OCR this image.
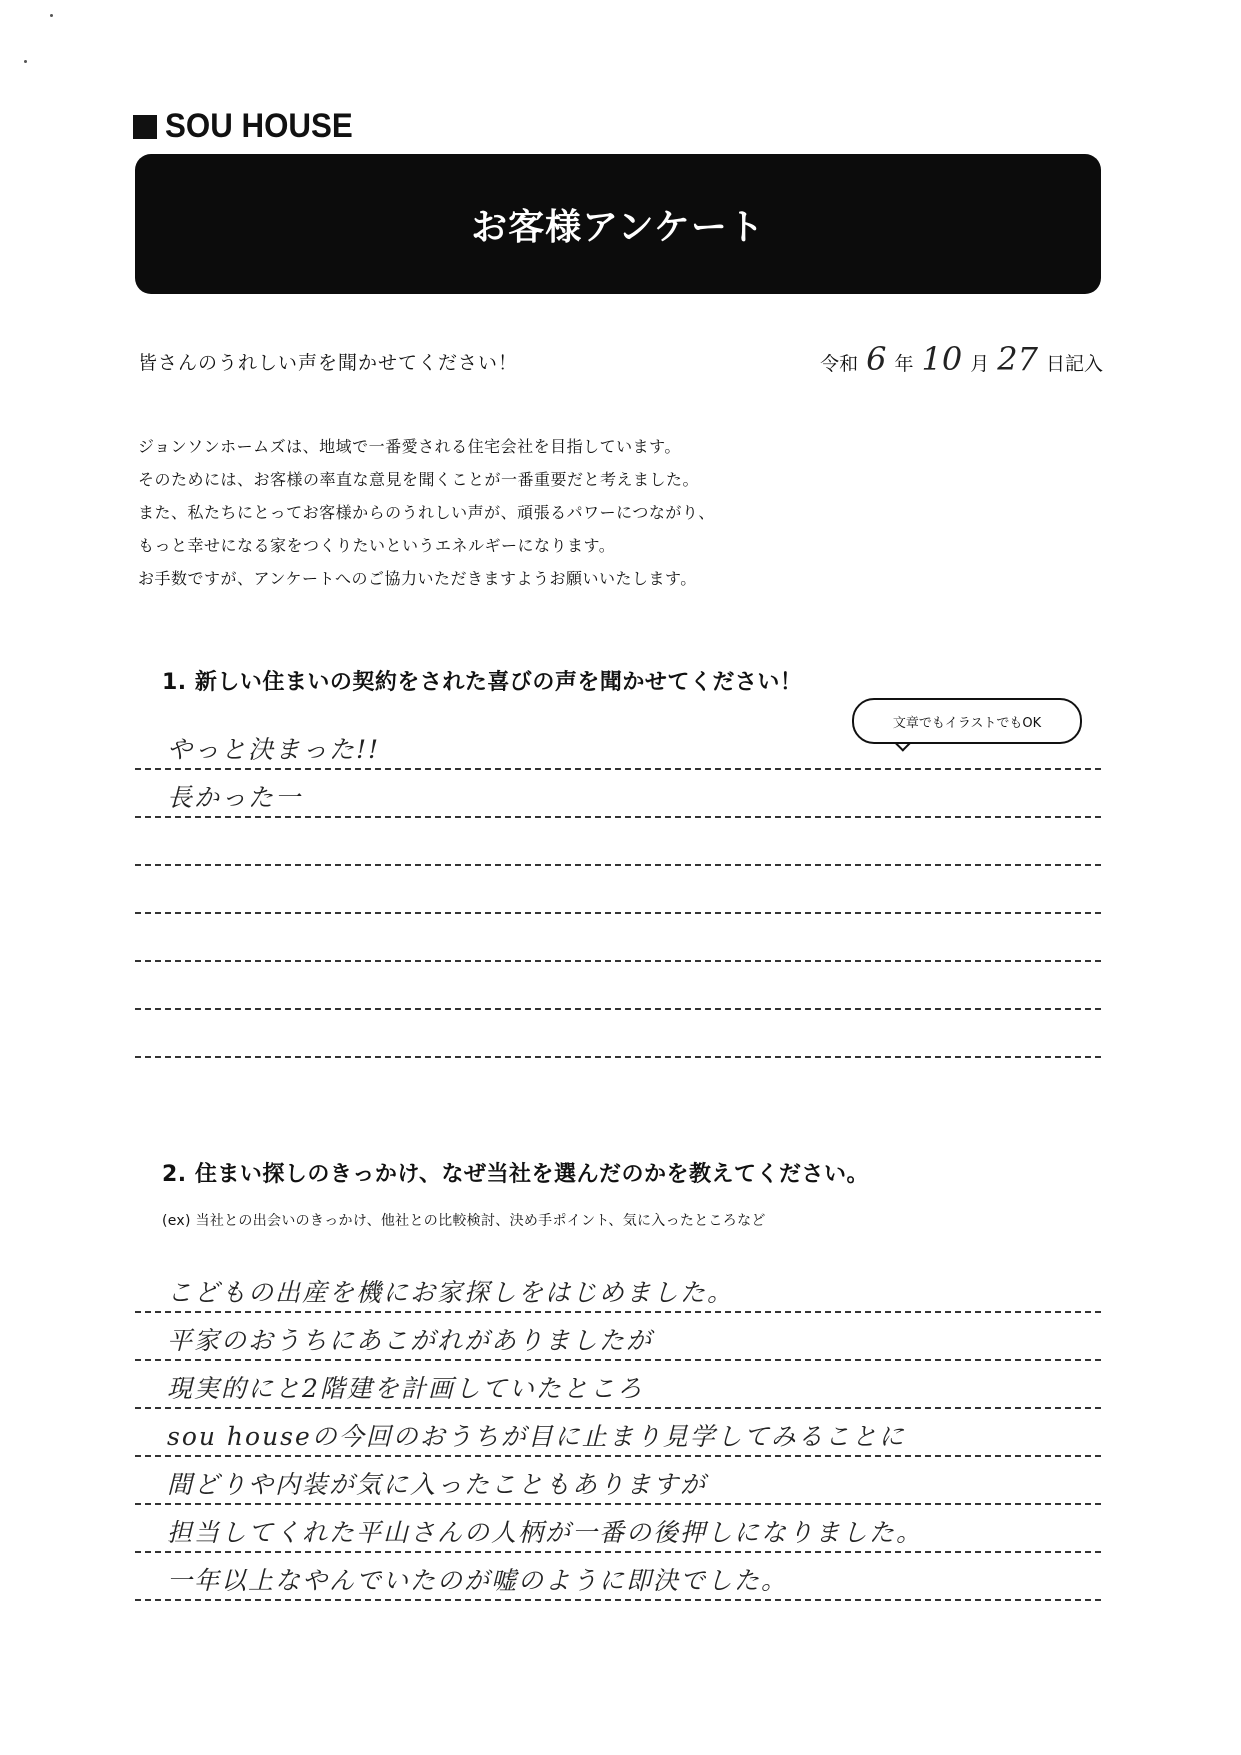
SOU HOUSE
お客様アンケート
皆さんのうれしい声を聞かせてください！	令和 6 年 10 月 27 日記入
ジョンソンホームズは、地域で一番愛される住宅会社を目指しています。
そのためには、お客様の率直な意見を聞くことが一番重要だと考えました。
また、私たちにとってお客様からのうれしい声が、頑張るパワーにつながり、
もっと幸せになる家をつくりたいというエネルギーになります。
お手数ですが、アンケートへのご協力いただきますようお願いいたします。
1. 新しい住まいの契約をされた喜びの声を聞かせてください！
やっと決まった!!
長かった一
文章でもイラストでもOK
2. 住まい探しのきっかけ、なぜ当社を選んだのかを教えてください。
(ex) 当社との出会いのきっかけ、他社との比較検討、決め手ポイント、気に入ったところなど
こどもの出産を機にお家探しをはじめました。
平家のおうちにあこがれがありましたが
現実的にと2階建を計画していたところ
sou houseの今回のおうちが目に止まり見学してみることに
間どりや内装が気に入ったこともありますが
担当してくれた平山さんの人柄が一番の後押しになりました。
一年以上なやんでいたのが嘘のように即決でした。
